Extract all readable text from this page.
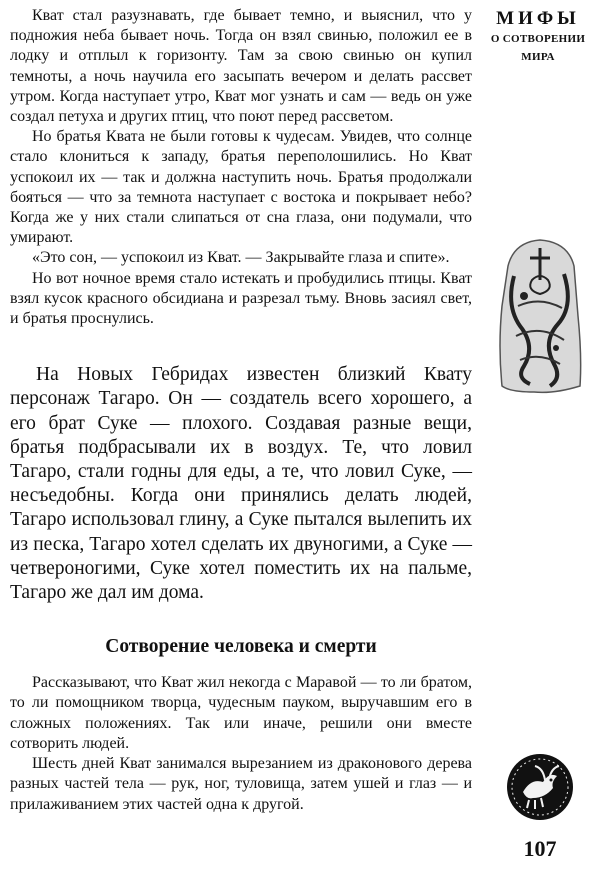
Кват стал разузнавать, где бывает темно, и выяснил, что у подножия неба бывает ночь. Тогда он взял свинью, положил ее в лодку и отплыл к горизонту. Там за свою свинью он купил темноты, а ночь научила его засыпать вечером и делать рассвет утром. Когда наступает утро, Кват мог узнать и сам — ведь он уже создал петуха и других птиц, что поют перед рассветом.

Но братья Квата не были готовы к чудесам. Увидев, что солнце стало клониться к западу, братья переполошились. Но Кват успокоил их — так и должна наступить ночь. Братья продолжали бояться — что за темнота наступает с востока и покрывает небо? Когда же у них стали слипаться от сна глаза, они подумали, что умирают.

«Это сон, — успокоил из Кват. — Закрывайте глаза и спите».

Но вот ночное время стало истекать и пробудились птицы. Кват взял кусок красного обсидиана и разрезал тьму. Вновь засиял свет, и братья проснулись.

На Новых Гебридах известен близкий Квату персонаж Тагаро. Он — создатель всего хорошего, а его брат Суке — плохого. Создавая разные вещи, братья подбрасывали их в воздух. Те, что ловил Тагаро, стали годны для еды, а те, что ловил Суке, — несъедобны. Когда они принялись делать людей, Тагаро использовал глину, а Суке пытался вылепить их из песка, Тагаро хотел сделать их двуногими, а Суке — четвероногими, Суке хотел поместить их на пальме, Тагаро же дал им дома.

Сотворение человека и смерти

Рассказывают, что Кват жил некогда с Маравой — то ли братом, то ли помощником творца, чудесным пауком, выручавшим его в сложных положениях. Так или иначе, решили они вместе сотворить людей.

Шесть дней Кват занимался вырезанием из драконового дерева разных частей тела — рук, ног, туловища, затем ушей и глаз — и прилаживанием этих частей одна к другой.

МИФЫ
О СОТВОРЕНИИ
МИРА
107
